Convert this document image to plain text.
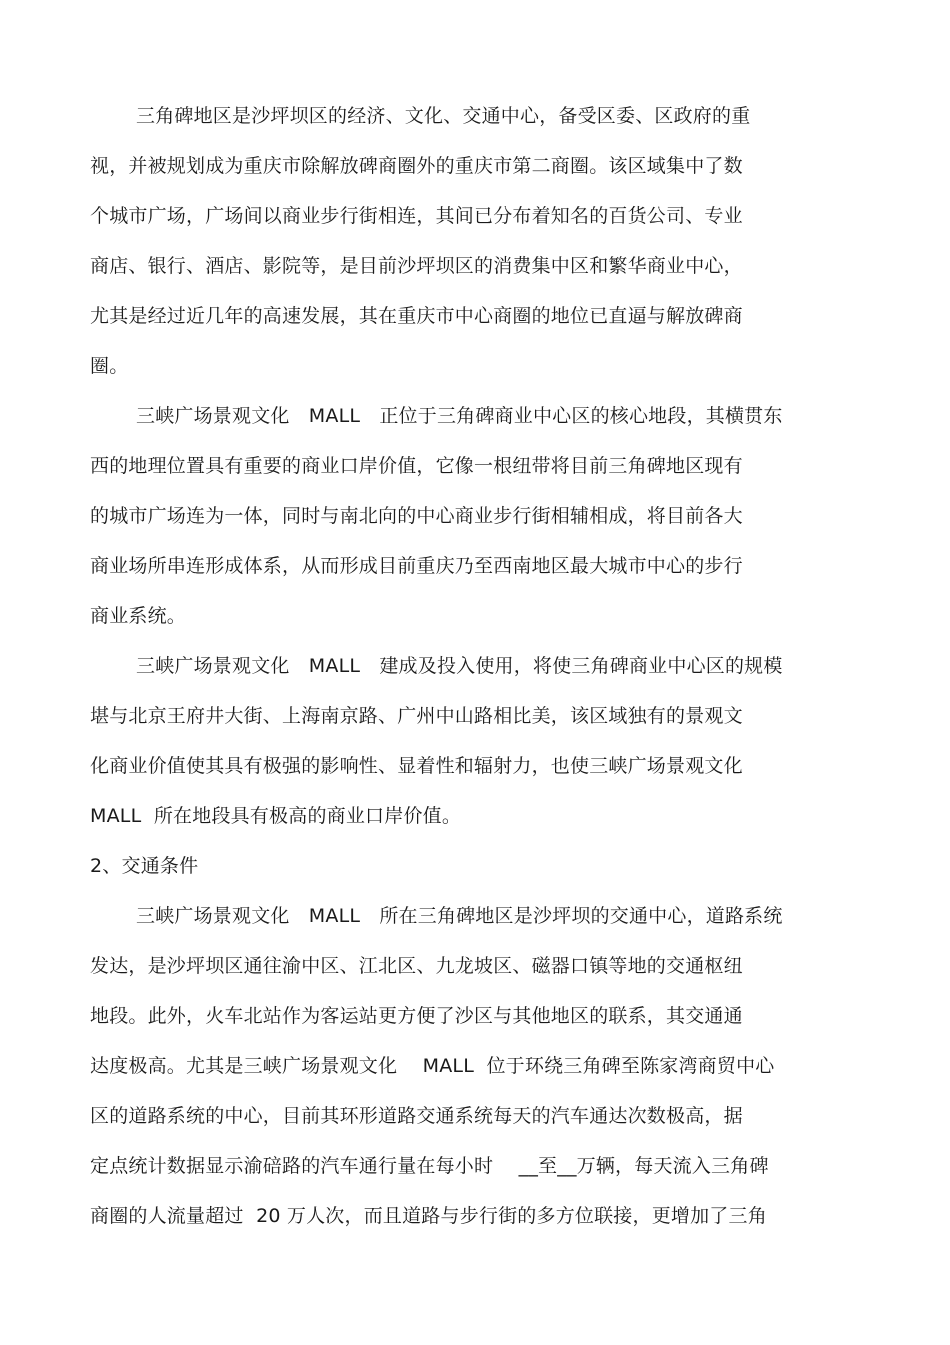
三角碑地区是沙坪坝区的经济、文化、交通中心，备受区委、区政府的重
视，并被规划成为重庆市除解放碑商圈外的重庆市第二商圈。该区域集中了数
个城市广场，广场间以商业步行街相连，其间已分布着知名的百货公司、专业
商店、银行、酒店、影院等，是目前沙坪坝区的消费集中区和繁华商业中心，
尤其是经过近几年的高速发展，其在重庆市中心商圈的地位已直逼与解放碑商
圈。
三峡广场景观文化　MALL　正位于三角碑商业中心区的核心地段，其横贯东
西的地理位置具有重要的商业口岸价值，它像一根纽带将目前三角碑地区现有
的城市广场连为一体，同时与南北向的中心商业步行街相辅相成，将目前各大
商业场所串连形成体系，从而形成目前重庆乃至西南地区最大城市中心的步行
商业系统。
三峡广场景观文化　MALL　建成及投入使用，将使三角碑商业中心区的规模
堪与北京王府井大街、上海南京路、广州中山路相比美，该区域独有的景观文
化商业价值使其具有极强的影响性、显着性和辐射力，也使三峡广场景观文化
MALL  所在地段具有极高的商业口岸价值。
2、交通条件
三峡广场景观文化　MALL　所在三角碑地区是沙坪坝的交通中心，道路系统
发达，是沙坪坝区通往渝中区、江北区、九龙坡区、磁器口镇等地的交通枢纽
地段。此外，火车北站作为客运站更方便了沙区与其他地区的联系，其交通通
达度极高。尤其是三峡广场景观文化　 MALL  位于环绕三角碑至陈家湾商贸中心
区的道路系统的中心，目前其环形道路交通系统每天的汽车通达次数极高，据
定点统计数据显示渝碚路的汽车通行量在每小时　 __至__万辆，每天流入三角碑
商圈的人流量超过  20 万人次，而且道路与步行街的多方位联接，更增加了三角
